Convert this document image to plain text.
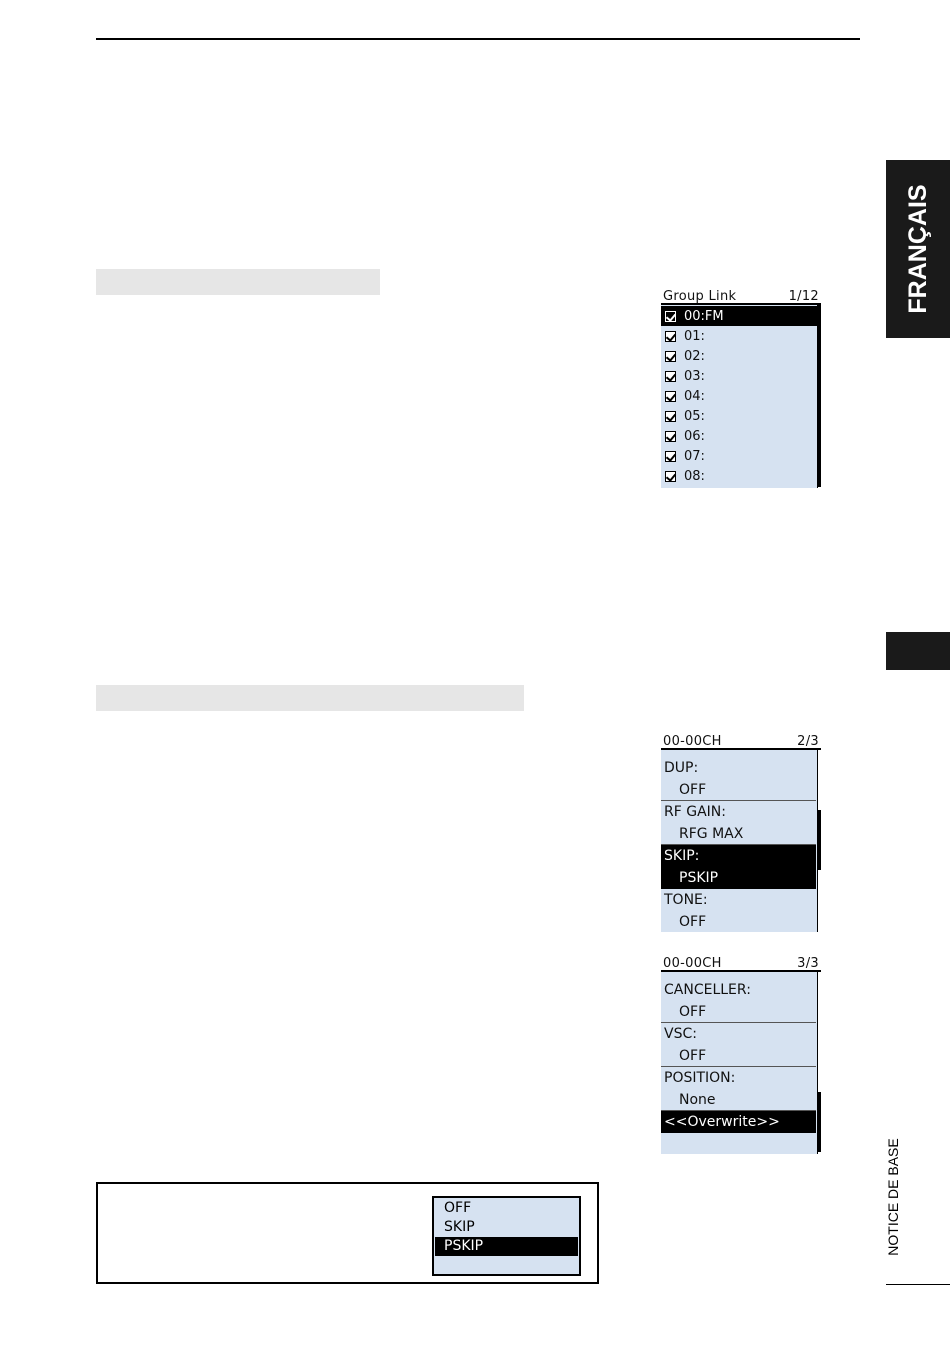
FRANÇAIS
NOTICE DE BASE
Group Link	1/12
00:FM
01:
02:
03:
04:
05:
06:
07:
08:
00-00CH	2/3
DUP:
OFF
RF GAIN:
RFG MAX
SKIP:
PSKIP
TONE:
OFF
00-00CH	3/3
CANCELLER:
OFF
VSC:
OFF
POSITION:
None
<<Overwrite>>
OFF
SKIP
PSKIP
